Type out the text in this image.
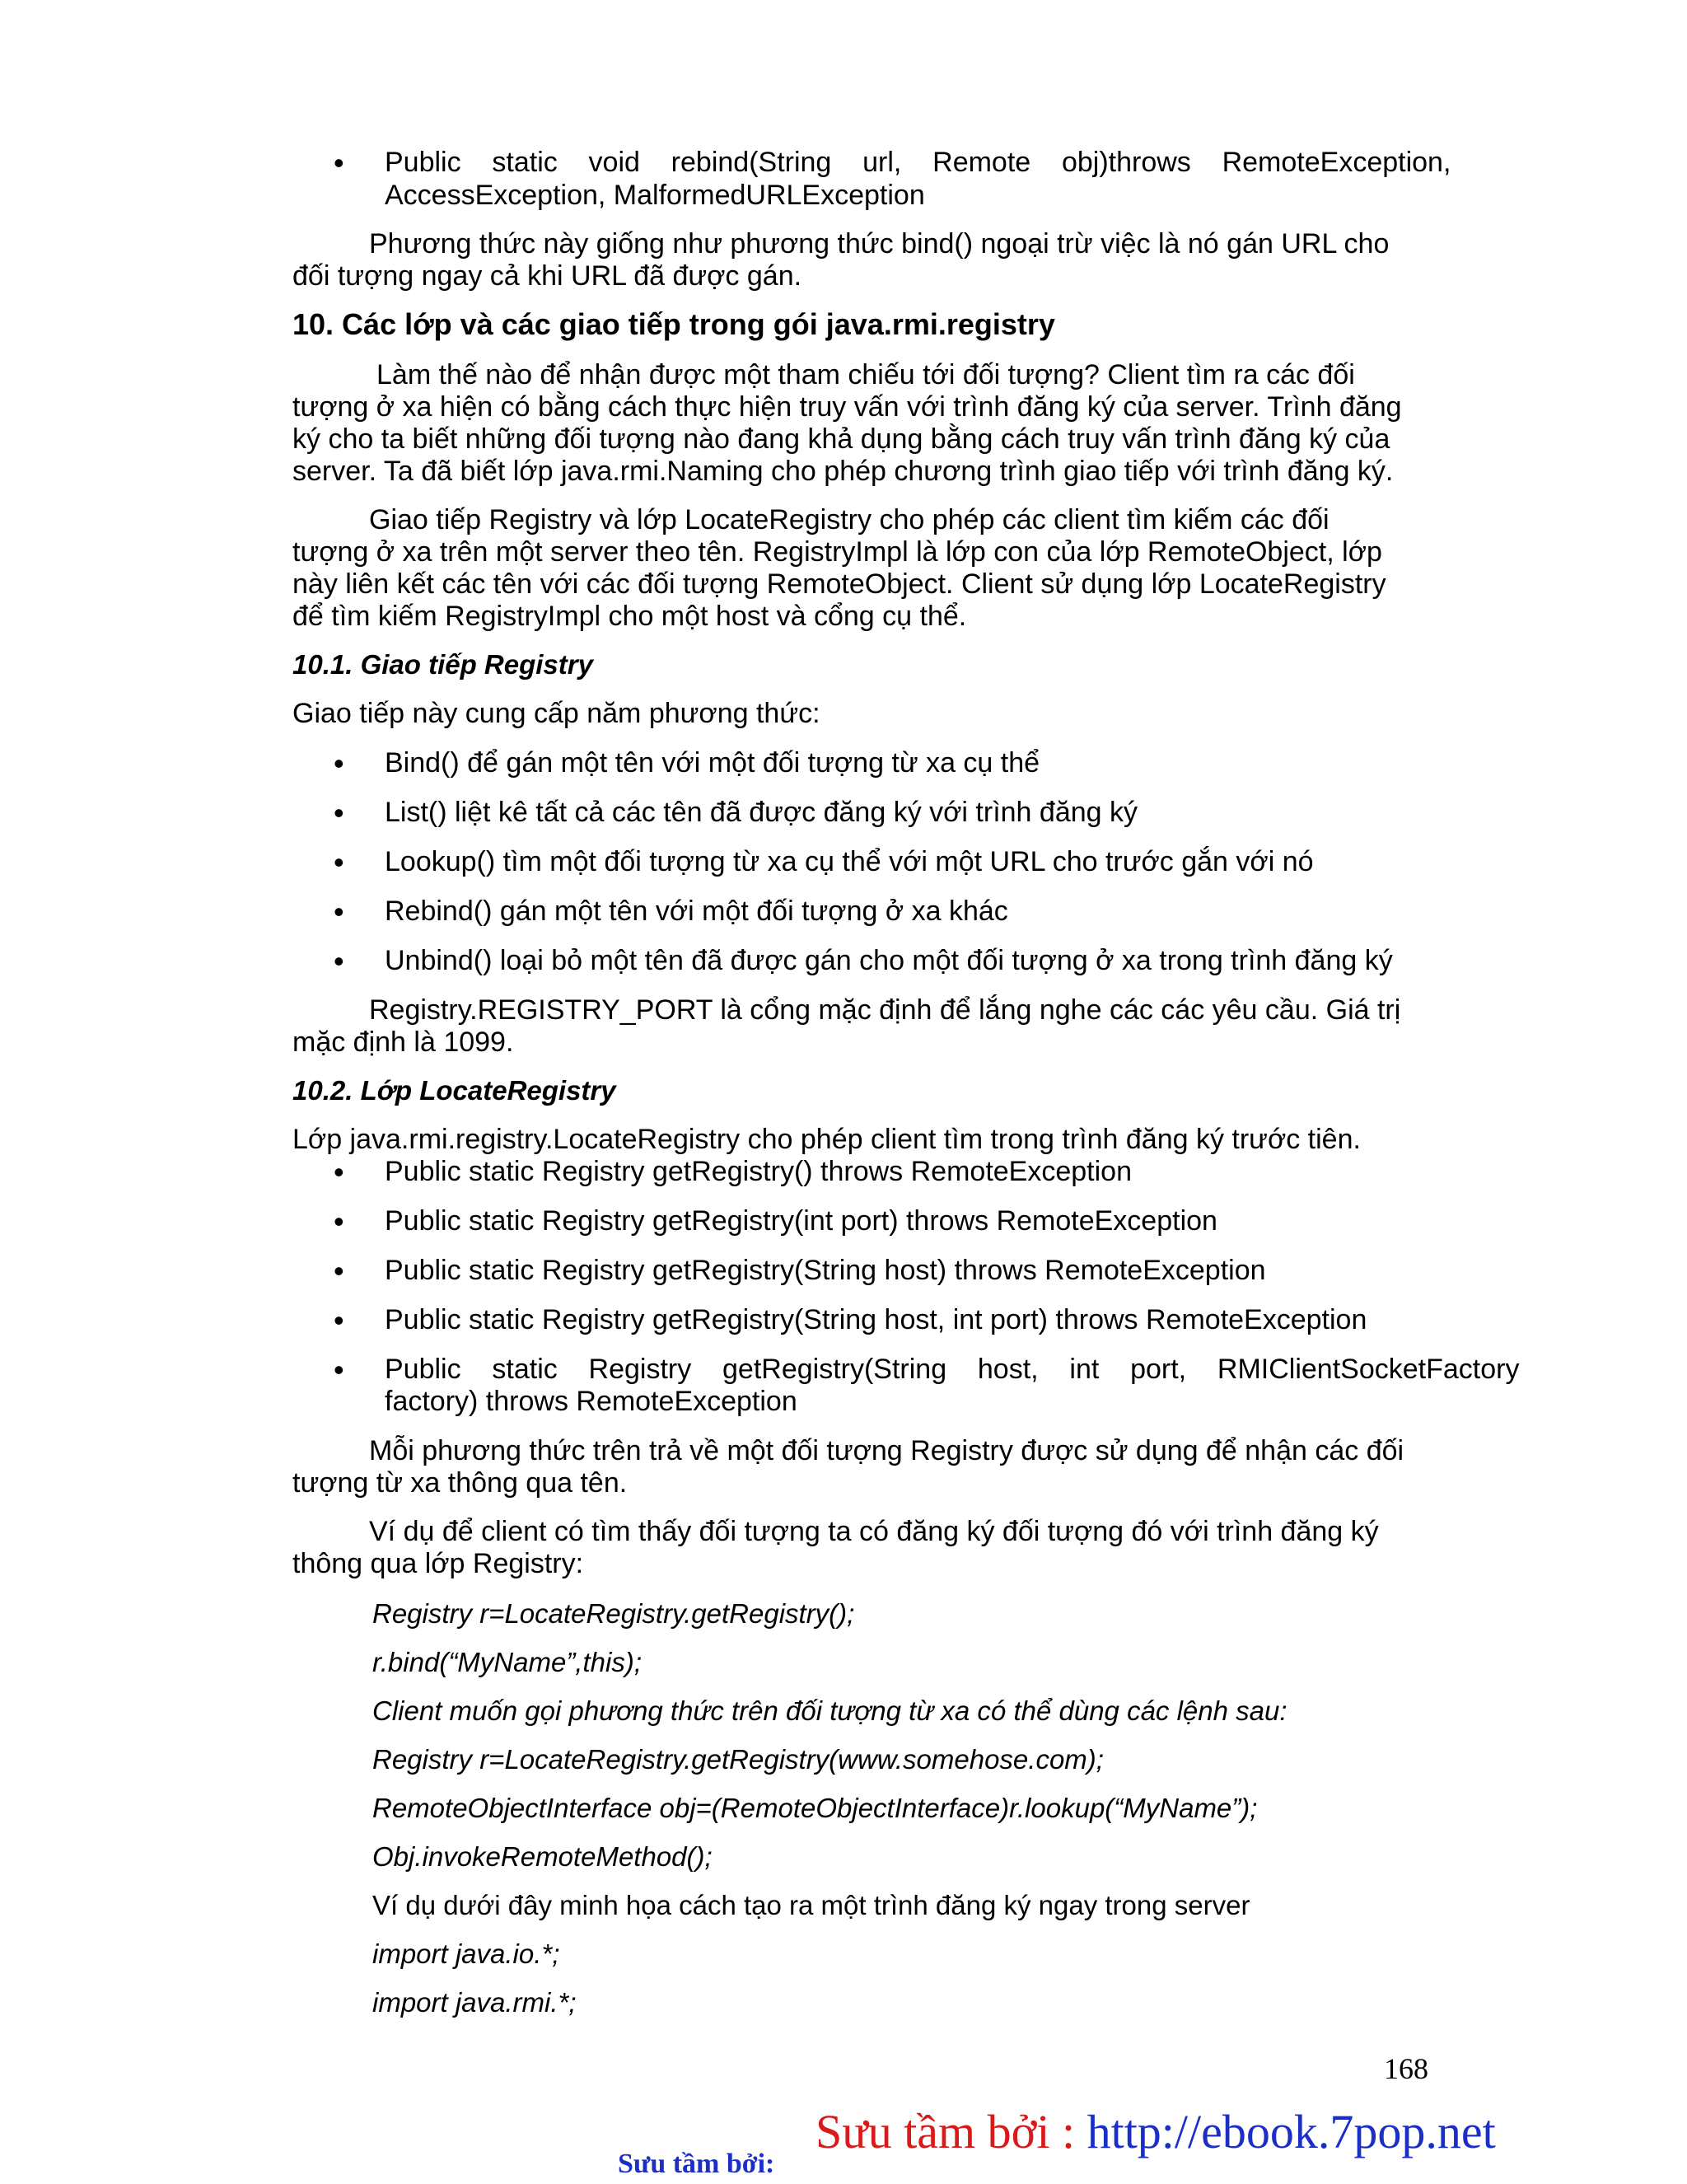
• Public    static    void    rebind(String    url,    Remote    obj)throws    RemoteException,
AccessException, MalformedURLException
Phương thức này giống như phương thức bind() ngoại trừ việc là nó gán URL cho
đối tượng ngay cả khi URL đã được gán.
10. Các lớp và các giao tiếp trong gói java.rmi.registry
Làm thế nào để nhận được một tham chiếu tới đối tượng? Client tìm ra các đối
tượng ở xa hiện có bằng cách thực hiện truy vấn với trình đăng ký của server. Trình đăng
ký cho ta biết những đối tượng nào đang khả dụng bằng cách truy vấn trình đăng ký của
server. Ta đã biết lớp java.rmi.Naming cho phép chương trình giao tiếp với trình đăng ký.
Giao tiếp Registry và lớp LocateRegistry cho phép các client tìm kiếm các đối
tượng ở xa trên một server theo tên. RegistryImpl là lớp con của lớp RemoteObject, lớp
này liên kết các tên với các đối tượng RemoteObject. Client sử dụng lớp LocateRegistry
để tìm kiếm RegistryImpl cho một host và cổng cụ thể.
10.1. Giao tiếp Registry
Giao tiếp này cung cấp năm phương thức:
• Bind() để gán một tên với một đối tượng từ xa cụ thể
• List() liệt kê tất cả các tên đã được đăng ký với trình đăng ký
• Lookup() tìm một đối tượng từ xa cụ thể với một URL cho trước gắn với nó
• Rebind() gán một tên với một đối tượng ở xa khác
• Unbind() loại bỏ một tên đã được gán cho một đối tượng ở xa trong trình đăng ký
Registry.REGISTRY_PORT là cổng mặc định để lắng nghe các các yêu cầu. Giá trị
mặc định là 1099.
10.2. Lớp LocateRegistry
Lớp java.rmi.registry.LocateRegistry cho phép client tìm trong trình đăng ký trước tiên.
• Public static Registry getRegistry() throws RemoteException
• Public static Registry getRegistry(int port) throws RemoteException
• Public static Registry getRegistry(String host) throws RemoteException
• Public static Registry getRegistry(String host, int port) throws RemoteException
• Public    static    Registry    getRegistry(String    host,    int    port,    RMIClientSocketFactory
factory) throws RemoteException
Mỗi phương thức trên trả về một đối tượng Registry được sử dụng để nhận các đối
tượng từ xa thông qua tên.
Ví dụ để client có tìm thấy đối tượng ta có đăng ký đối tượng đó với trình đăng ký
thông qua lớp Registry:
Registry r=LocateRegistry.getRegistry();
r.bind(“MyName”,this);
Client muốn gọi phương thức trên đối tượng từ xa có thể dùng các lệnh sau:
Registry r=LocateRegistry.getRegistry(www.somehose.com);
RemoteObjectInterface obj=(RemoteObjectInterface)r.lookup(“MyName”);
Obj.invokeRemoteMethod();
Ví dụ dưới đây minh họa cách tạo ra một trình đăng ký ngay trong server
import java.io.*;
import java.rmi.*;
168
Sưu tầm bởi : http://ebook.7pop.net
Sưu tầm bởi:
